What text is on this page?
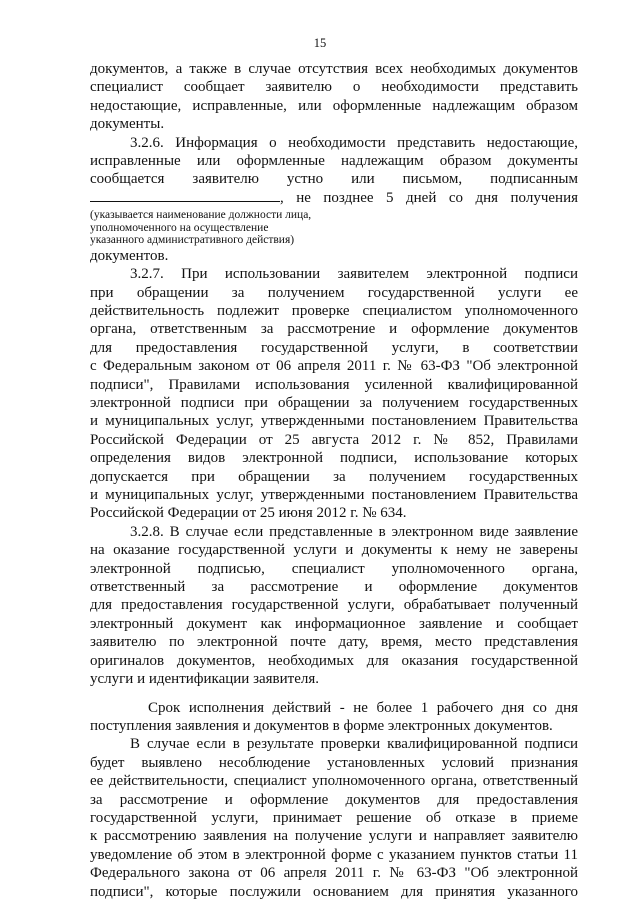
15

документов, а также в случае отсутствия всех необходимых документов
специалист сообщает заявителю о необходимости представить
недостающие, исправленные, или оформленные надлежащим образом
документы.

3.2.6. Информация о необходимости представить недостающие,
исправленные или оформленные надлежащим образом документы
сообщается заявителю устно или письмом, подписанным
, не позднее 5 дней со дня получения
(указывается наименование должности лица,
уполномоченного на осуществление
указанного административного действия)
документов.

3.2.7. При использовании заявителем электронной подписи
при обращении за получением государственной услуги ее
действительность подлежит проверке специалистом уполномоченного
органа, ответственным за рассмотрение и оформление документов
для предоставления государственной услуги, в соответствии
с Федеральным законом от 06 апреля 2011 г. № 63-ФЗ "Об электронной
подписи", Правилами использования усиленной квалифицированной
электронной подписи при обращении за получением государственных
и муниципальных услуг, утвержденными постановлением Правительства
Российской Федерации от 25 августа 2012 г. № 852, Правилами
определения видов электронной подписи, использование которых
допускается при обращении за получением государственных
и муниципальных услуг, утвержденными постановлением Правительства
Российской Федерации от 25 июня 2012 г. № 634.

3.2.8. В случае если представленные в электронном виде заявление
на оказание государственной услуги и документы к нему не заверены
электронной подписью, специалист уполномоченного органа,
ответственный за рассмотрение и оформление документов
для предоставления государственной услуги, обрабатывает полученный
электронный документ как информационное заявление и сообщает
заявителю по электронной почте дату, время, место представления
оригиналов документов, необходимых для оказания государственной
услуги и идентификации заявителя.

Срок исполнения действий - не более 1 рабочего дня со дня
поступления заявления и документов в форме электронных документов.

В случае если в результате проверки квалифицированной подписи
будет выявлено несоблюдение установленных условий признания
ее действительности, специалист уполномоченного органа, ответственный
за рассмотрение и оформление документов для предоставления
государственной услуги, принимает решение об отказе в приеме
к рассмотрению заявления на получение услуги и направляет заявителю
уведомление об этом в электронной форме с указанием пунктов статьи 11
Федерального закона от 06 апреля 2011 г. № 63-ФЗ "Об электронной
подписи", которые послужили основанием для принятия указанного
